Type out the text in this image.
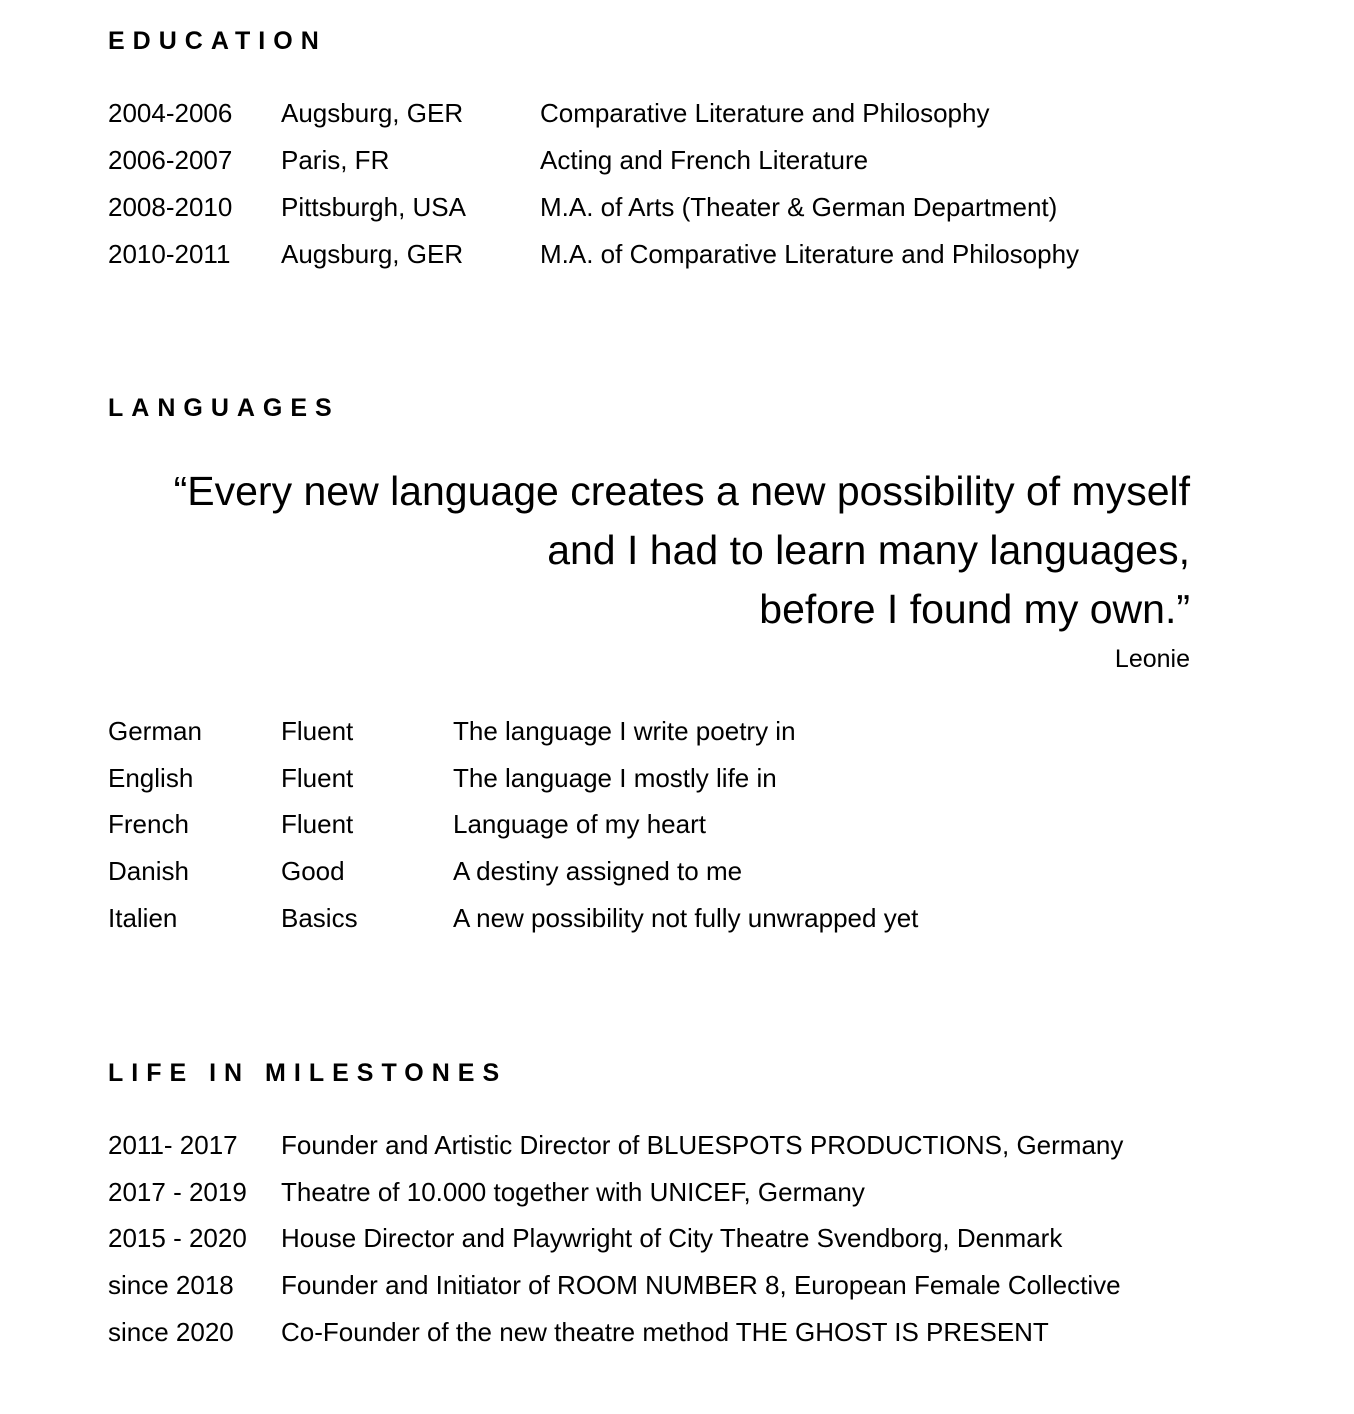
EDUCATION
2004-2006 Augsburg, GER	Comparative Literature and Philosophy
2006-2007 Paris, FR	Acting and French Literature
2008-2010 Pittsburgh, USA	M.A. of Arts (Theater & German Department)
2010-2011 Augsburg, GER	M.A. of Comparative Literature and Philosophy
LANGUAGES
“Every new language creates a new possibility of myself
and I had to learn many languages,
before I found my own.”
Leonie
German	Fluent	The language I write poetry in
English	Fluent	The language I mostly life in
French	Fluent	Language of my heart
Danish	Good	A destiny assigned to me
Italien	Basics	A new possibility not fully unwrapped yet
LIFE IN MILESTONES
2011- 2017 Founder and Artistic Director of BLUESPOTS PRODUCTIONS, Germany
2017 - 2019 Theatre of 10.000 together with UNICEF, Germany
2015 - 2020 House Director and Playwright of City Theatre Svendborg, Denmark
since 2018 Founder and Initiator of ROOM NUMBER 8, European Female Collective
since 2020 Co-Founder of the new theatre method THE GHOST IS PRESENT
